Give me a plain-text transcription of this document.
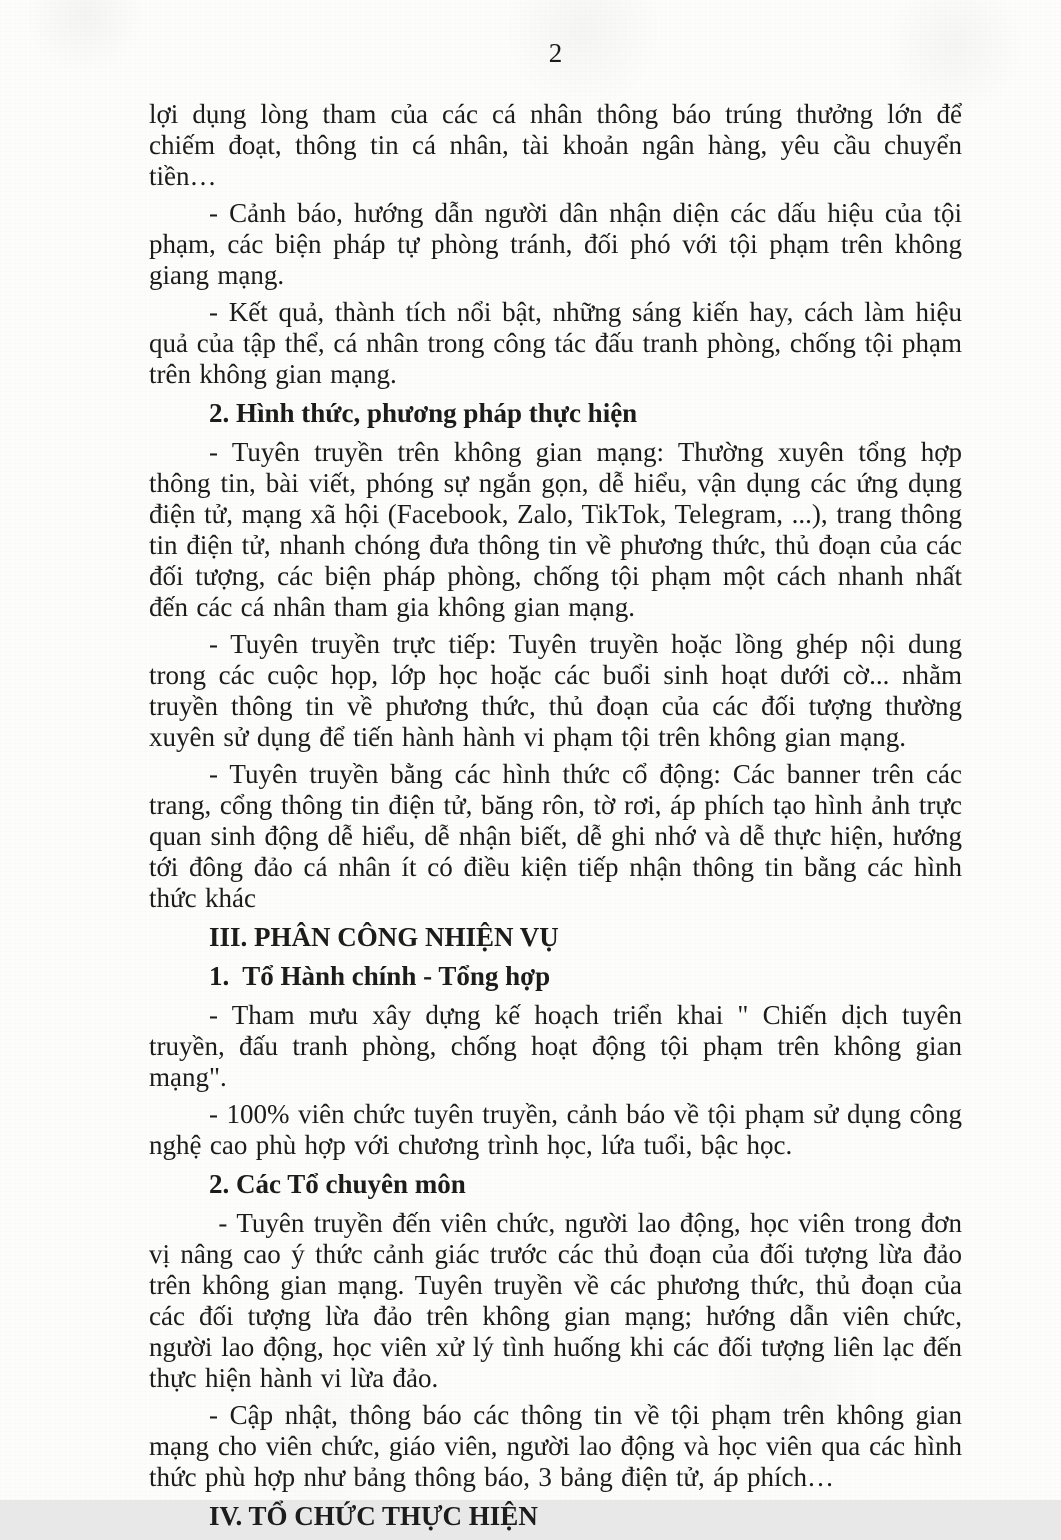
2

lợi dụng lòng tham của các cá nhân thông báo trúng thưởng lớn để chiếm đoạt, thông tin cá nhân, tài khoản ngân hàng, yêu cầu chuyển tiền…

- Cảnh báo, hướng dẫn người dân nhận diện các dấu hiệu của tội phạm, các biện pháp tự phòng tránh, đối phó với tội phạm trên không giang mạng.

- Kết quả, thành tích nổi bật, những sáng kiến hay, cách làm hiệu quả của tập thể, cá nhân trong công tác đấu tranh phòng, chống tội phạm trên không gian mạng.

2. Hình thức, phương pháp thực hiện

- Tuyên truyền trên không gian mạng: Thường xuyên tổng hợp thông tin, bài viết, phóng sự ngắn gọn, dễ hiểu, vận dụng các ứng dụng điện tử, mạng xã hội (Facebook, Zalo, TikTok, Telegram, ...), trang thông tin điện tử, nhanh chóng đưa thông tin về phương thức, thủ đoạn của các đối tượng, các biện pháp phòng, chống tội phạm một cách nhanh nhất đến các cá nhân tham gia không gian mạng.

- Tuyên truyền trực tiếp: Tuyên truyền hoặc lồng ghép nội dung trong các cuộc họp, lớp học hoặc các buổi sinh hoạt dưới cờ... nhằm truyền thông tin về phương thức, thủ đoạn của các đối tượng thường xuyên sử dụng để tiến hành hành vi phạm tội trên không gian mạng.

- Tuyên truyền bằng các hình thức cổ động: Các banner trên các trang, cổng thông tin điện tử, băng rôn, tờ rơi, áp phích tạo hình ảnh trực quan sinh động dễ hiểu, dễ nhận biết, dễ ghi nhớ và dễ thực hiện, hướng tới đông đảo cá nhân ít có điều kiện tiếp nhận thông tin bằng các hình thức khác

III. PHÂN CÔNG NHIỆN VỤ
1.  Tổ Hành chính - Tổng hợp

- Tham mưu xây dựng kế hoạch triển khai " Chiến dịch tuyên truyền, đấu tranh phòng, chống hoạt động tội phạm trên không gian mạng".

- 100% viên chức tuyên truyền, cảnh báo về tội phạm sử dụng công nghệ cao phù hợp với chương trình học, lứa tuổi, bậc học.

2. Các Tổ chuyên môn

- Tuyên truyền đến viên chức, người lao động, học viên trong đơn vị nâng cao ý thức cảnh giác trước các thủ đoạn của đối tượng lừa đảo trên không gian mạng. Tuyên truyền về các phương thức, thủ đoạn của các đối tượng lừa đảo trên không gian mạng; hướng dẫn viên chức, người lao động, học viên xử lý tình huống khi các đối tượng liên lạc đến thực hiện hành vi lừa đảo.

- Cập nhật, thông báo các thông tin về tội phạm trên không gian mạng cho viên chức, giáo viên, người lao động và học viên qua các hình thức phù hợp như bảng thông báo, 3 bảng điện tử, áp phích…

IV. TỔ CHỨC THỰC HIỆN
